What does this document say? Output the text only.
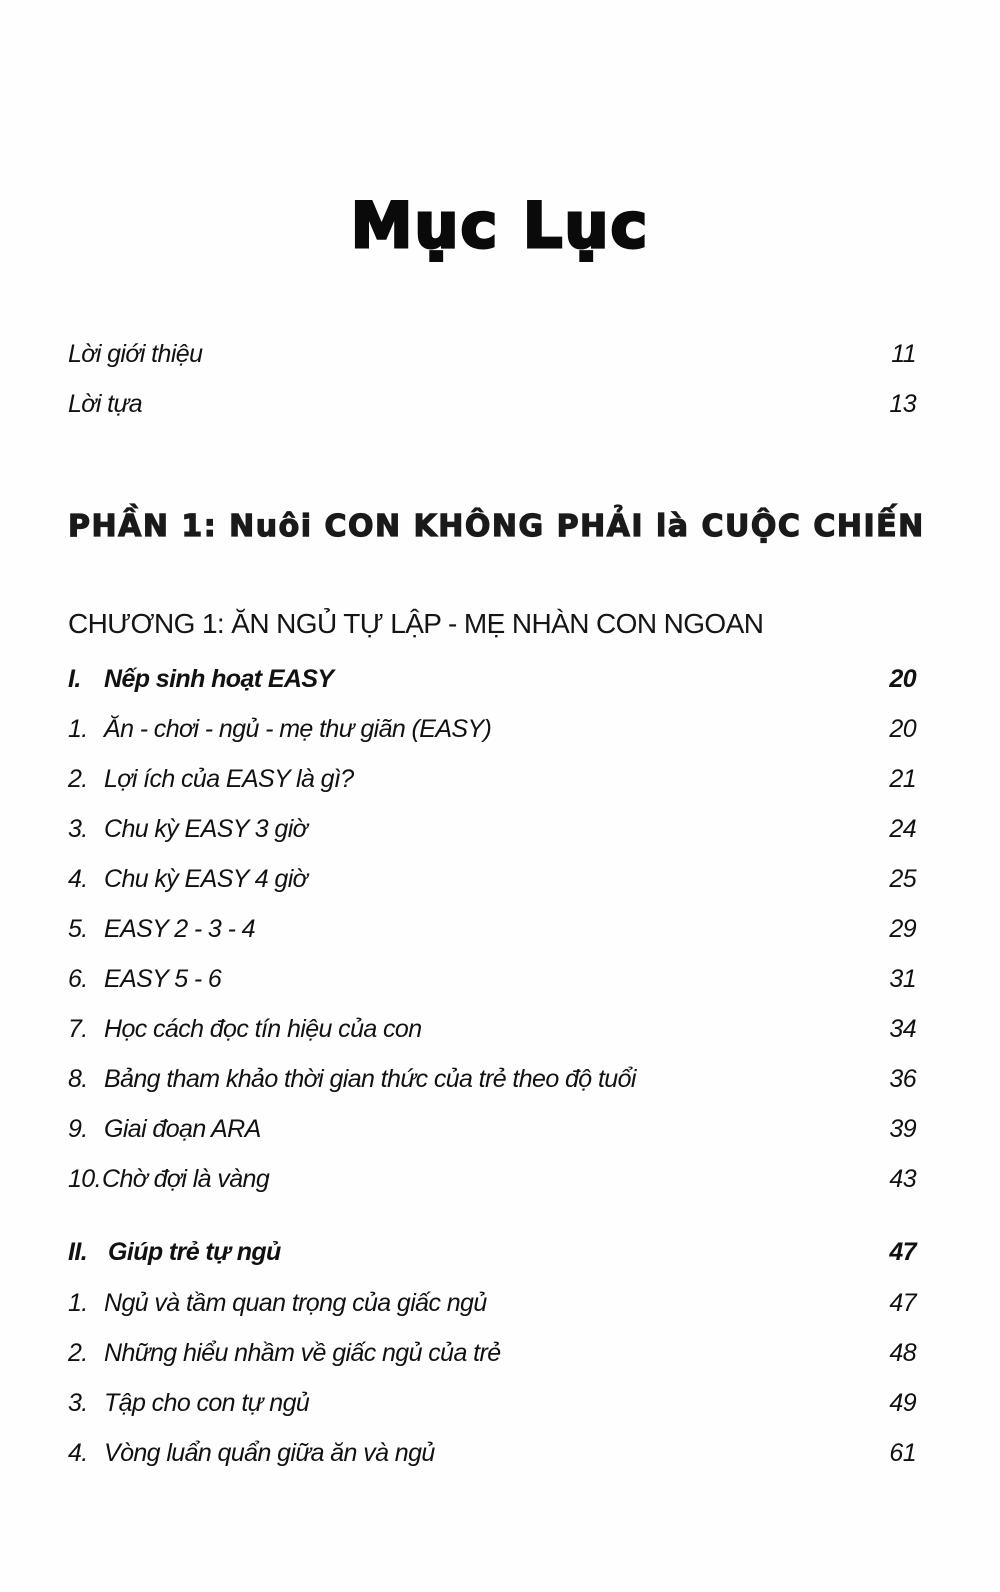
Mục Lục
Lời giới thiệu	11
Lời tựa	13
PHẦN 1: Nuôi CON KHÔNG PHẢI là CUỘC CHIẾN
CHƯƠNG 1: ĂN NGỦ TỰ LẬP - MẸ NHÀN CON NGOAN
I. Nếp sinh hoạt EASY	20
1. Ăn - chơi - ngủ - mẹ thư giãn (EASY)	20
2. Lợi ích của EASY là gì?	21
3. Chu kỳ EASY 3 giờ	24
4. Chu kỳ EASY 4 giờ	25
5. EASY 2 - 3 - 4	29
6. EASY 5 - 6	31
7. Học cách đọc tín hiệu của con	34
8. Bảng tham khảo thời gian thức của trẻ theo độ tuổi	36
9. Giai đoạn ARA	39
10. Chờ đợi là vàng	43
II. Giúp trẻ tự ngủ	47
1. Ngủ và tầm quan trọng của giấc ngủ	47
2. Những hiểu nhầm về giấc ngủ của trẻ	48
3. Tập cho con tự ngủ	49
4. Vòng luẩn quẩn giữa ăn và ngủ	61
